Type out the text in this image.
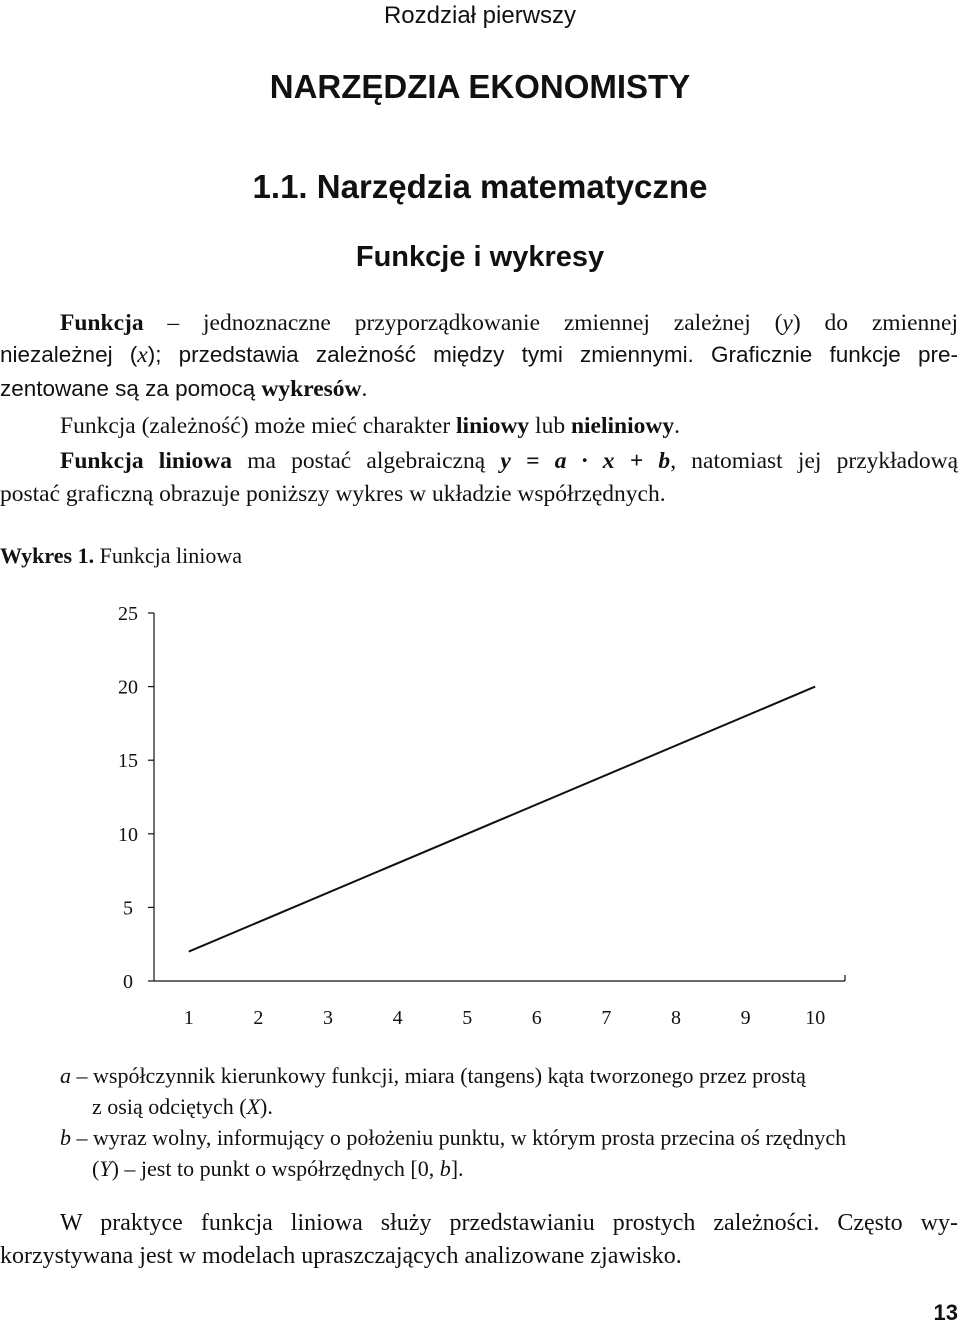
Rozdział pierwszy
NARZĘDZIA EKONOMISTY
1.1. Narzędzia matematyczne
Funkcje i wykresy
Funkcja – jednoznaczne przyporządkowanie zmiennej zależnej (y) do zmiennej
niezależnej (x); przedstawia zależność między tymi zmiennymi. Graficznie funkcje pre-
zentowane są za pomocą wykresów.
Funkcja (zależność) może mieć charakter liniowy lub nieliniowy.
Funkcja liniowa ma postać algebraiczną y = a · x + b, natomiast jej przykładową
postać graficzną obrazuje poniższy wykres w układzie współrzędnych.
Wykres 1. Funkcja liniowa
0
5
10
15
20
25
1	2	3	4	5	6	7	8	9	10
a – współczynnik kierunkowy funkcji, miara (tangens) kąta tworzonego przez prostą
z osią odciętych (X).
b – wyraz wolny, informujący o położeniu punktu, w którym prosta przecina oś rzędnych
(Y) – jest to punkt o współrzędnych [0, b].
W praktyce funkcja liniowa służy przedstawianiu prostych zależności. Często wy-
korzystywana jest w modelach upraszczających analizowane zjawisko.
13
